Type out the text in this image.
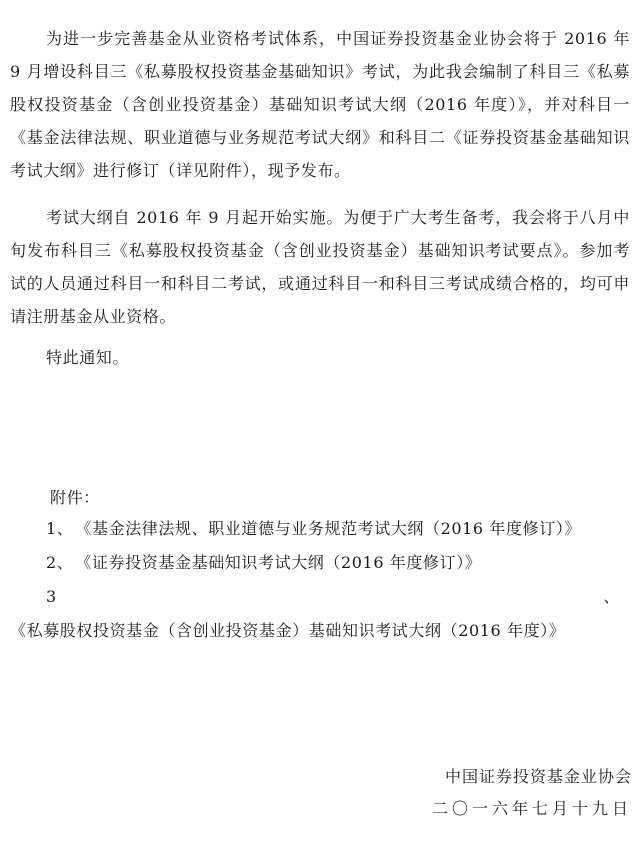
为进一步完善基金从业资格考试体系，中国证券投资基金业协会将于 2016 年 9 月增设科目三《私募股权投资基金基础知识》考试，为此我会编制了科目三《私募股权投资基金（含创业投资基金）基础知识考试大纲（2016 年度）》，并对科目一《基金法律法规、职业道德与业务规范考试大纲》和科目二《证券投资基金基础知识考试大纲》进行修订（详见附件），现予发布。

考试大纲自 2016 年 9 月起开始实施。为便于广大考生备考，我会将于八月中旬发布科目三《私募股权投资基金（含创业投资基金）基础知识考试要点》。参加考试的人员通过科目一和科目二考试，或通过科目一和科目三考试成绩合格的，均可申请注册基金从业资格。

特此通知。

附件：

1、 《基金法律法规、职业道德与业务规范考试大纲（2016 年度修订）》
2、 《证券投资基金基础知识考试大纲（2016 年度修订）》
3、《私募股权投资基金（含创业投资基金）基础知识考试大纲（2016 年度）》

中国证券投资基金业协会

二〇一六年七月十九日
